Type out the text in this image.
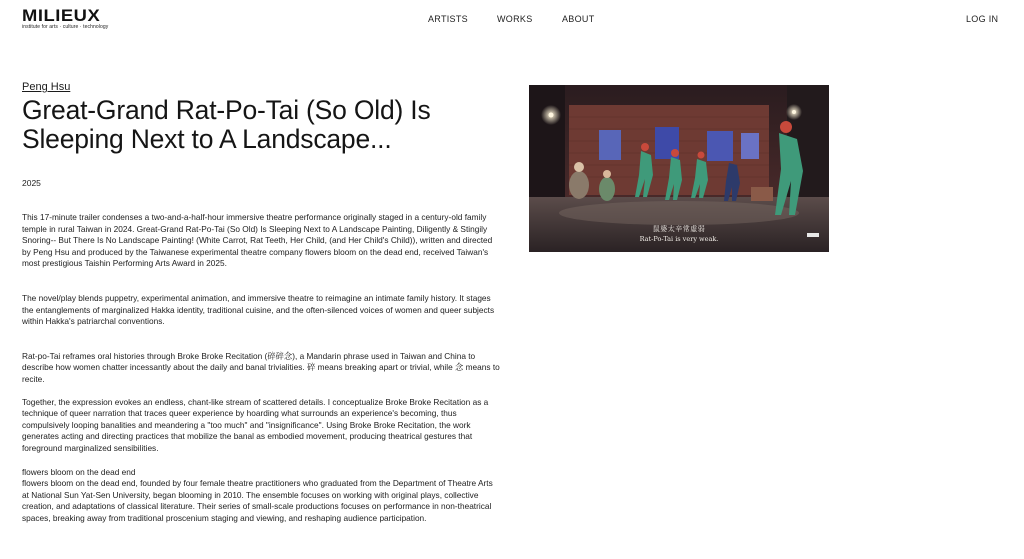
MILIEUX
institute for arts · culture · technology
ARTISTS	WORKS	ABOUT	LOG IN
Peng Hsu
Great-Grand Rat-Po-Tai (So Old) Is Sleeping Next to A Landscape...
2025

This 17-minute trailer condenses a two-and-a-half-hour immersive theatre performance originally staged in a century-old family temple in rural Taiwan in 2024. Great-Grand Rat-Po-Tai (So Old) Is Sleeping Next to A Landscape Painting, Diligently & Stingily Snoring-- But There Is No Landscape Painting! (White Carrot, Rat Teeth, Her Child, (and Her Child's Child)), written and directed by Peng Hsu and produced by the Taiwanese experimental theatre company flowers bloom on the dead end, received Taiwan's most prestigious Taishin Performing Arts Award in 2025.

The novel/play blends puppetry, experimental animation, and immersive theatre to reimagine an intimate family history. It stages the entanglements of marginalized Hakka identity, traditional cuisine, and the often-silenced voices of women and queer subjects within Hakka's patriarchal conventions.

Rat-po-Tai reframes oral histories through Broke Broke Recitation (碎碎念), a Mandarin phrase used in Taiwan and China to describe how women chatter incessantly about the daily and banal trivialities. 碎 means breaking apart or trivial, while 念 means to recite.

Together, the expression evokes an endless, chant-like stream of scattered details. I conceptualize Broke Broke Recitation as a technique of queer narration that traces queer experience by hoarding what surrounds an experience's becoming, thus compulsively looping banalities and meandering a "too much" and "insignificance". Using Broke Broke Recitation, the work generates acting and directing practices that mobilize the banal as embodied movement, producing theatrical gestures that foreground marginalized sensibilities.

flowers bloom on the dead end

flowers bloom on the dead end, founded by four female theatre practitioners who graduated from the Department of Theatre Arts at National Sun Yat-Sen University, began blooming in 2010. The ensemble focuses on working with original plays, collective creation, and adaptations of classical literature. Their series of small-scale productions focuses on performance in non-theatrical spaces, breaking away from traditional proscenium staging and viewing, and reshaping audience participation.

鼠婆太辛常虛弱
Rat-Po-Tai is very weak.
